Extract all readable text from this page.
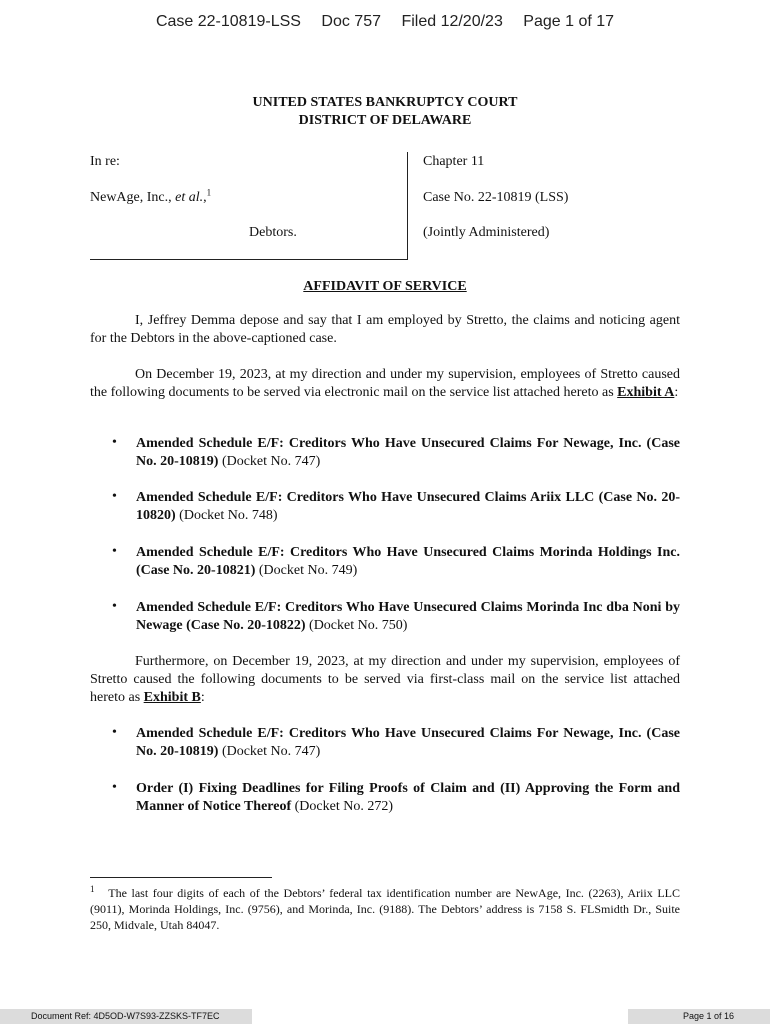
Case 22-10819-LSS Doc 757 Filed 12/20/23 Page 1 of 17
UNITED STATES BANKRUPTCY COURT
DISTRICT OF DELAWARE
In re:
NewAge, Inc., et al.,$^1$
Debtors.
Chapter 11
Case No. 22-10819 (LSS)
(Jointly Administered)
AFFIDAVIT OF SERVICE
I, Jeffrey Demma depose and say that I am employed by Stretto, the claims and noticing agent for the Debtors in the above-captioned case.
On December 19, 2023, at my direction and under my supervision, employees of Stretto caused the following documents to be served via electronic mail on the service list attached hereto as Exhibit A:
• Amended Schedule E/F: Creditors Who Have Unsecured Claims For Newage, Inc. (Case No. 20-10819) (Docket No. 747)
• Amended Schedule E/F: Creditors Who Have Unsecured Claims Ariix LLC (Case No. 20-10820) (Docket No. 748)
• Amended Schedule E/F: Creditors Who Have Unsecured Claims Morinda Holdings Inc. (Case No. 20-10821) (Docket No. 749)
• Amended Schedule E/F: Creditors Who Have Unsecured Claims Morinda Inc dba Noni by Newage (Case No. 20-10822) (Docket No. 750)
Furthermore, on December 19, 2023, at my direction and under my supervision, employees of Stretto caused the following documents to be served via first-class mail on the service list attached hereto as Exhibit B:
• Amended Schedule E/F: Creditors Who Have Unsecured Claims For Newage, Inc. (Case No. 20-10819) (Docket No. 747)
• Order (I) Fixing Deadlines for Filing Proofs of Claim and (II) Approving the Form and Manner of Notice Thereof (Docket No. 272)
$^1$ The last four digits of each of the Debtors’ federal tax identification number are NewAge, Inc. (2263), Ariix LLC (9011), Morinda Holdings, Inc. (9756), and Morinda, Inc. (9188). The Debtors’ address is 7158 S. FLSmidth Dr., Suite 250, Midvale, Utah 84047.
Document Ref: 4D5OD-W7S93-ZZSKS-TF7EC	Page 1 of 16
